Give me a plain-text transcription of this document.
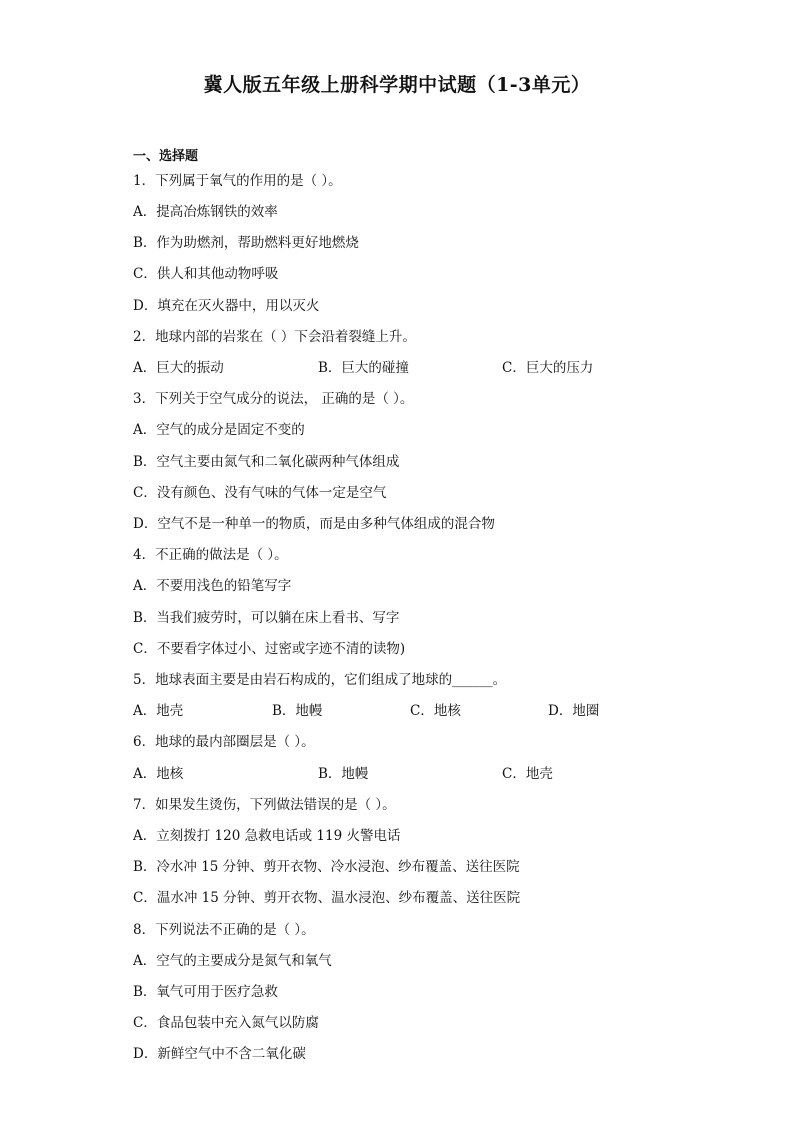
冀人版五年级上册科学期中试题（1-3单元）
一、选择题
1．下列属于氧气的作用的是（ ）。
A．提高冶炼钢铁的效率
B．作为助燃剂，帮助燃料更好地燃烧
C．供人和其他动物呼吸
D．填充在灭火器中，用以灭火
2．地球内部的岩浆在（ ）下会沿着裂缝上升。
A．巨大的振动	B．巨大的碰撞	C．巨大的压力
3．下列关于空气成分的说法， 正确的是（ ）。
A．空气的成分是固定不变的
B．空气主要由氮气和二氧化碳两种气体组成
C．没有颜色、没有气味的气体一定是空气
D．空气不是一种单一的物质，而是由多种气体组成的混合物
4．不正确的做法是（ ）。
A．不要用浅色的铅笔写字
B．当我们疲劳时，可以躺在床上看书、写字
C．不要看字体过小、过密或字迹不清的读物)
5．地球表面主要是由岩石构成的，它们组成了地球的______。
A．地壳	B．地幔	C．地核	D．地圈
6．地球的最内部圈层是（ ）。
A．地核	B．地幔	C．地壳
7．如果发生烫伤，下列做法错误的是（ ）。
A．立刻拨打 120 急救电话或 119 火警电话
B．冷水冲 15 分钟、剪开衣物、冷水浸泡、纱布覆盖、送往医院
C．温水冲 15 分钟、剪开衣物、温水浸泡、纱布覆盖、送往医院
8．下列说法不正确的是（ ）。
A．空气的主要成分是氮气和氧气
B．氧气可用于医疗急救
C．食品包装中充入氮气以防腐
D．新鲜空气中不含二氧化碳
